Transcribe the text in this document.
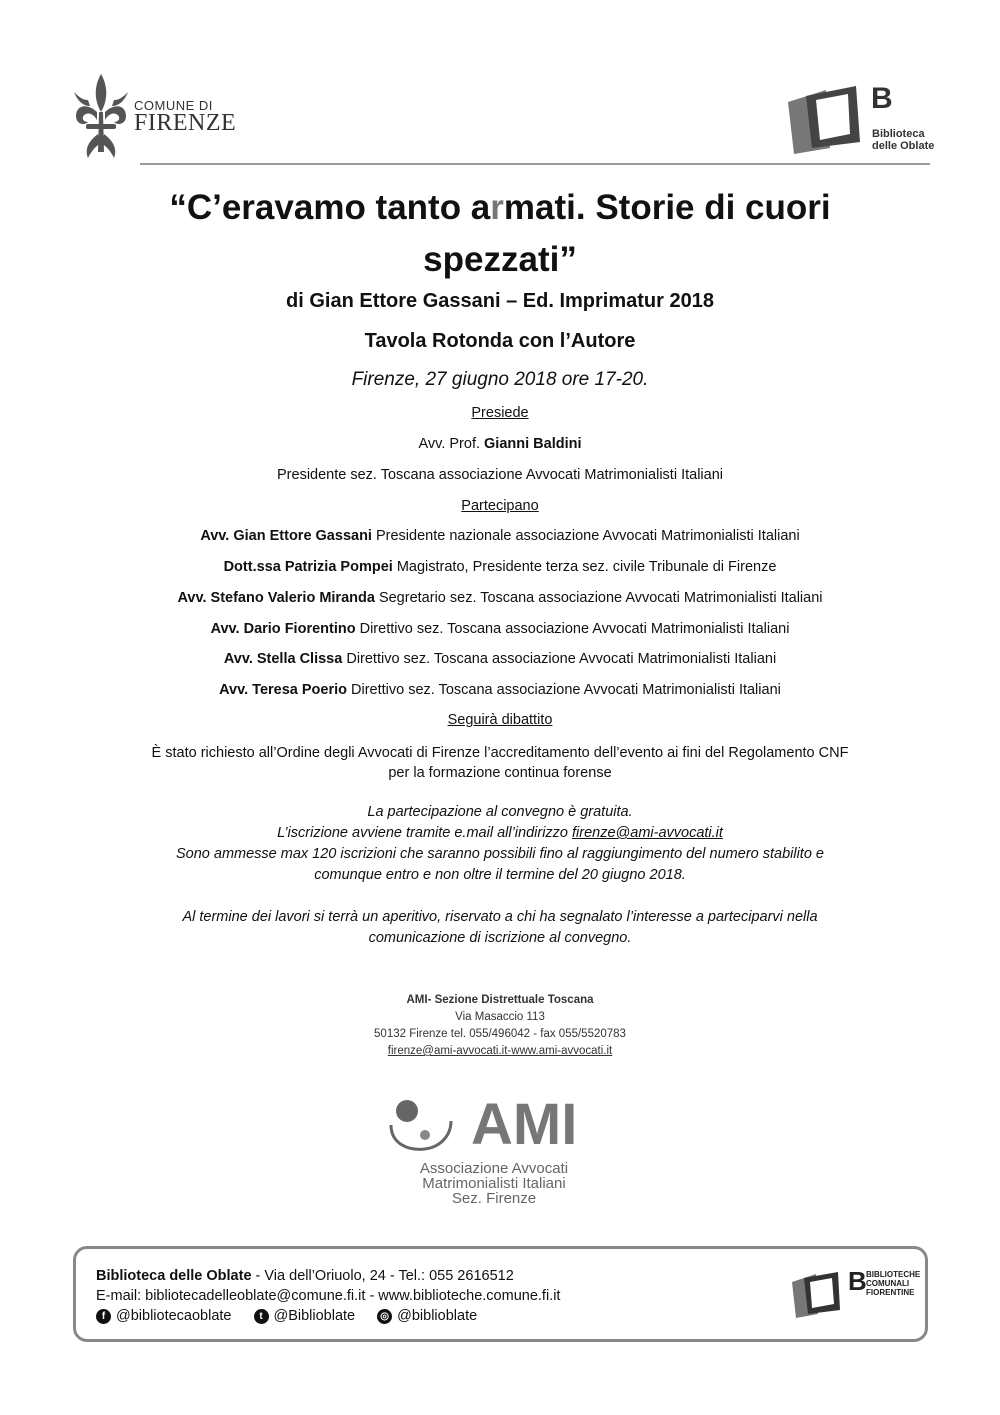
COMUNE DI
FIRENZE
B
Biblioteca
delle Oblate
“C’eravamo tanto armati. Storie di cuori
spezzati”
di Gian Ettore Gassani – Ed. Imprimatur 2018
Tavola Rotonda con l’Autore
Firenze, 27 giugno 2018 ore 17-20.
Presiede
Avv. Prof. Gianni Baldini
Presidente sez. Toscana associazione Avvocati Matrimonialisti Italiani
Partecipano
Avv. Gian Ettore Gassani Presidente nazionale associazione Avvocati Matrimonialisti Italiani
Dott.ssa Patrizia Pompei Magistrato, Presidente terza sez. civile Tribunale di Firenze
Avv. Stefano Valerio Miranda Segretario sez. Toscana associazione Avvocati Matrimonialisti Italiani
Avv. Dario Fiorentino Direttivo sez. Toscana associazione Avvocati Matrimonialisti Italiani
Avv. Stella Clissa Direttivo sez. Toscana associazione Avvocati Matrimonialisti Italiani
Avv. Teresa Poerio Direttivo sez. Toscana associazione Avvocati Matrimonialisti Italiani
Seguirà dibattito
È stato richiesto all’Ordine degli Avvocati di Firenze l’accreditamento dell’evento ai fini del Regolamento CNF
per la formazione continua forense
La partecipazione al convegno è gratuita.
L’iscrizione avviene tramite e.mail all’indirizzo firenze@ami-avvocati.it
Sono ammesse max 120 iscrizioni che saranno possibili fino al raggiungimento del numero stabilito e
comunque entro e non oltre il termine del 20 giugno 2018.
Al termine dei lavori si terrà un aperitivo, riservato a chi ha segnalato l’interesse a parteciparvi nella
comunicazione di iscrizione al convegno.
AMI- Sezione Distrettuale Toscana
Via Masaccio 113
50132 Firenze tel. 055/496042 - fax 055/5520783
firenze@ami-avvocati.it-www.ami-avvocati.it
AMI
Associazione Avvocati
Matrimonialisti Italiani
Sez. Firenze
Biblioteca delle Oblate - Via dell’Oriuolo, 24 - Tel.: 055 2616512
E-mail: bibliotecadelleoblate@comune.fi.it - www.biblioteche.comune.fi.it
f @bibliotecaoblate	t @Biblioblate	◎ @biblioblate
B BIBLIOTECHE
COMUNALI
FIORENTINE
